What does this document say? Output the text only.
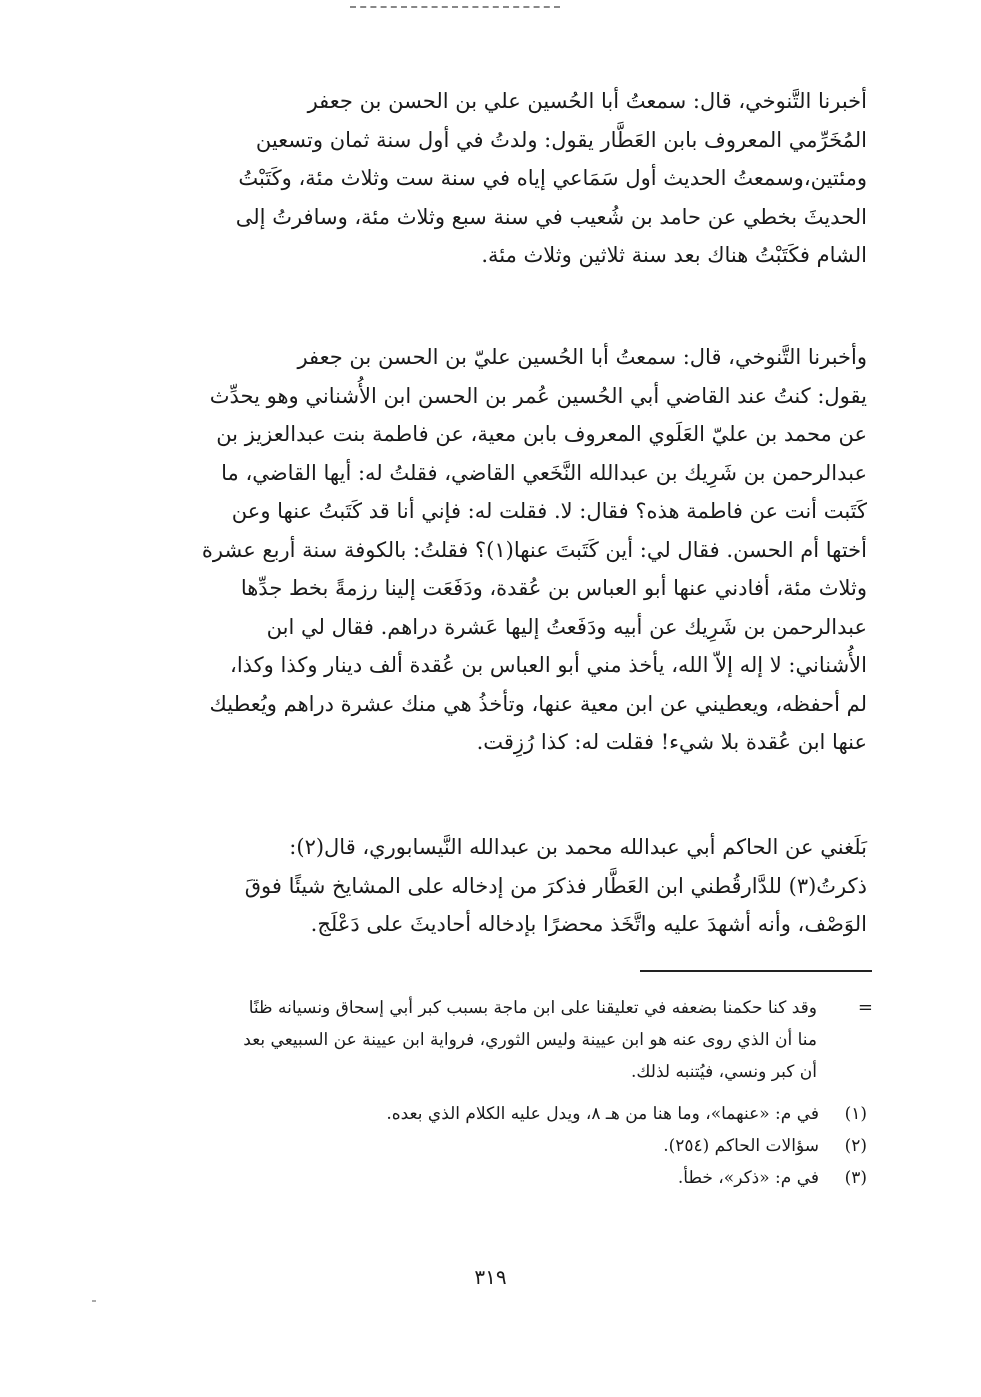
أخبرنا التَّنوخي، قال: سمعتُ أبا الحُسين علي بن الحسن بن جعفر
المُخَرِّمي المعروف بابن العَطَّار يقول: ولدتُ في أول سنة ثمان وتسعين
ومئتين،وسمعتُ الحديث أول سَمَاعي إياه في سنة ست وثلاث مئة، وكَتَبْتُ
الحديثَ بخطي عن حامد بن شُعيب في سنة سبع وثلاث مئة، وسافرتُ إلى
الشام فكَتَبْتُ هناك بعد سنة ثلاثين وثلاث مئة.
وأخبرنا التَّنوخي، قال: سمعتُ أبا الحُسين عليّ بن الحسن بن جعفر
يقول: كنتُ عند القاضي أبي الحُسين عُمر بن الحسن ابن الأُشناني وهو يحدِّث
عن محمد بن عليّ العَلَوي المعروف بابن معية، عن فاطمة بنت عبدالعزيز بن
عبدالرحمن بن شَرِيك بن عبدالله النَّخَعي القاضي، فقلتُ له: أيها القاضي، ما
كَتَبت أنت عن فاطمة هذه؟ فقال: لا. فقلت له: فإني أنا قد كَتَبتُ عنها وعن
أختها أم الحسن. فقال لي: أين كَتَبتَ عنها(١)؟ فقلتُ: بالكوفة سنة أربع عشرة
وثلاث مئة، أفادني عنها أبو العباس بن عُقدة، ودَفَعَت إلينا رزمةً بخط جدِّها
عبدالرحمن بن شَرِيك عن أبيه ودَفَعتُ إليها عَشرة دراهم. فقال لي ابن
الأُشناني: لا إله إلاّ الله، يأخذ مني أبو العباس بن عُقدة ألف دينار وكذا وكذا،
لم أحفظه، ويعطيني عن ابن معية عنها، وتأخذُ هي منك عشرة دراهم ويُعطيك
عنها ابن عُقدة بلا شيء! فقلت له: كذا رُزِقت.
بَلَغني عن الحاكم أبي عبدالله محمد بن عبدالله النَّيسابوري، قال(٢):
ذكرتُ(٣) للدَّارقُطني ابن العَطَّار فذكرَ من إدخاله على المشايخ شيئًا فوقَ
الوَصْف، وأنه أشهدَ عليه واتَّخَذ محضرًا بإدخاله أحاديثَ على دَعْلَج.
=
وقد كنا حكمنا بضعفه في تعليقنا على ابن ماجة بسبب كبر أبي إسحاق ونسيانه ظنًا
منا أن الذي روى عنه هو ابن عيينة وليس الثوري، فرواية ابن عيينة عن السبيعي بعد
أن كبر ونسي، فيُتنبه لذلك.
(١)
في م: «عنهما»، وما هنا من هـ ٨، ويدل عليه الكلام الذي بعده.
(٢)
سؤالات الحاكم (٢٥٤).
(٣)
في م: «ذكر»، خطأ.
٣١٩
